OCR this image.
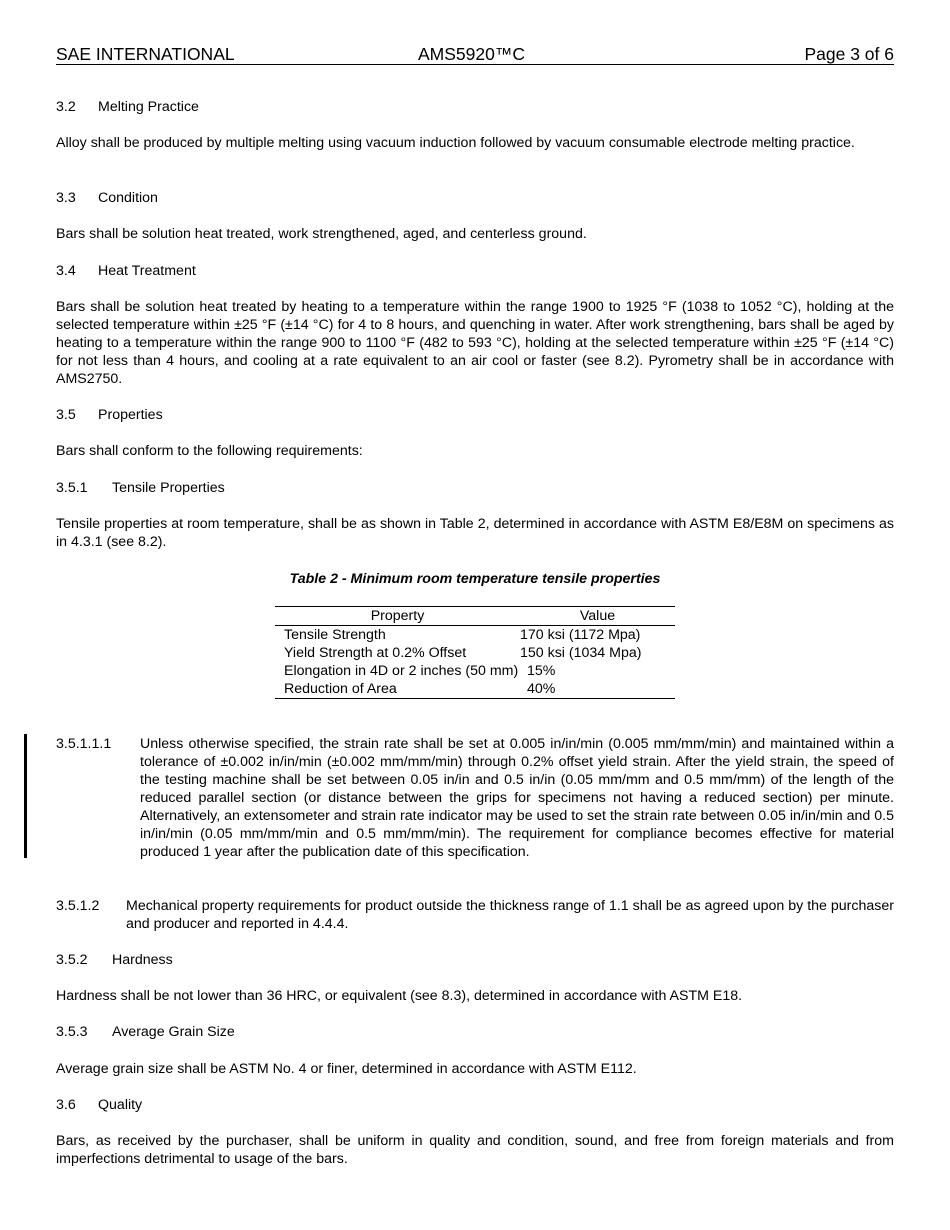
SAE INTERNATIONAL	AMS5920™C	Page 3 of 6
3.2 Melting Practice
Alloy shall be produced by multiple melting using vacuum induction followed by vacuum consumable electrode melting practice.
3.3 Condition
Bars shall be solution heat treated, work strengthened, aged, and centerless ground.
3.4 Heat Treatment
Bars shall be solution heat treated by heating to a temperature within the range 1900 to 1925 °F (1038 to 1052 °C), holding at the selected temperature within ±25 °F (±14 °C) for 4 to 8 hours, and quenching in water. After work strengthening, bars shall be aged by heating to a temperature within the range 900 to 1100 °F (482 to 593 °C), holding at the selected temperature within ±25 °F (±14 °C) for not less than 4 hours, and cooling at a rate equivalent to an air cool or faster (see 8.2). Pyrometry shall be in accordance with AMS2750.
3.5 Properties
Bars shall conform to the following requirements:
3.5.1 Tensile Properties
Tensile properties at room temperature, shall be as shown in Table 2, determined in accordance with ASTM E8/E8M on specimens as in 4.3.1 (see 8.2).
Table 2 - Minimum room temperature tensile properties
Property	Value
Tensile Strength	170 ksi (1172 Mpa)
Yield Strength at 0.2% Offset	150 ksi (1034 Mpa)
Elongation in 4D or 2 inches (50 mm)	15%
Reduction of Area	40%
3.5.1.1.1 Unless otherwise specified, the strain rate shall be set at 0.005 in/in/min (0.005 mm/mm/min) and maintained within a tolerance of ±0.002 in/in/min (±0.002 mm/mm/min) through 0.2% offset yield strain. After the yield strain, the speed of the testing machine shall be set between 0.05 in/in and 0.5 in/in (0.05 mm/mm and 0.5 mm/mm) of the length of the reduced parallel section (or distance between the grips for specimens not having a reduced section) per minute. Alternatively, an extensometer and strain rate indicator may be used to set the strain rate between 0.05 in/in/min and 0.5 in/in/min (0.05 mm/mm/min and 0.5 mm/mm/min). The requirement for compliance becomes effective for material produced 1 year after the publication date of this specification.
3.5.1.2 Mechanical property requirements for product outside the thickness range of 1.1 shall be as agreed upon by the purchaser and producer and reported in 4.4.4.
3.5.2 Hardness
Hardness shall be not lower than 36 HRC, or equivalent (see 8.3), determined in accordance with ASTM E18.
3.5.3 Average Grain Size
Average grain size shall be ASTM No. 4 or finer, determined in accordance with ASTM E112.
3.6 Quality
Bars, as received by the purchaser, shall be uniform in quality and condition, sound, and free from foreign materials and from imperfections detrimental to usage of the bars.
